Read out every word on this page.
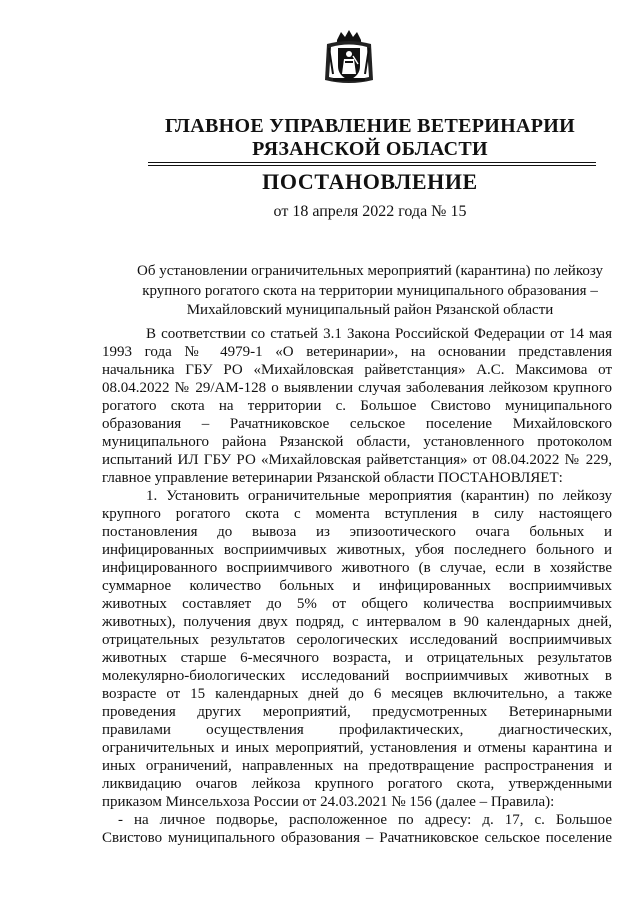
ГЛАВНОЕ УПРАВЛЕНИЕ ВЕТЕРИНАРИИ
РЯЗАНСКОЙ ОБЛАСТИ
ПОСТАНОВЛЕНИЕ
от 18 апреля 2022 года № 15
Об установлении ограничительных мероприятий (карантина) по лейкозу
крупного рогатого скота на территории муниципального образования –
Михайловский муниципальный район Рязанской области
В соответствии со статьей 3.1 Закона Российской Федерации от 14 мая
1993 года № 4979-1 «О ветеринарии», на основании представления
начальника ГБУ РО «Михайловская райветстанция» А.С. Максимова от
08.04.2022 № 29/АМ-128 о выявлении случая заболевания лейкозом крупного
рогатого скота на территории с. Большое Свистово муниципального
образования – Рачатниковское сельское поселение Михайловского
муниципального района Рязанской области, установленного протоколом
испытаний ИЛ ГБУ РО «Михайловская райветстанция» от 08.04.2022 № 229,
главное управление ветеринарии Рязанской области ПОСТАНОВЛЯЕТ:
1. Установить ограничительные мероприятия (карантин) по лейкозу
крупного рогатого скота с момента вступления в силу настоящего
постановления до вывоза из эпизоотического очага больных и
инфицированных восприимчивых животных, убоя последнего больного и
инфицированного восприимчивого животного (в случае, если в хозяйстве
суммарное количество больных и инфицированных восприимчивых
животных составляет до 5% от общего количества восприимчивых
животных), получения двух подряд, с интервалом в 90 календарных дней,
отрицательных результатов серологических исследований восприимчивых
животных старше 6-месячного возраста, и отрицательных результатов
молекулярно-биологических исследований восприимчивых животных в
возрасте от 15 календарных дней до 6 месяцев включительно, а также
проведения других мероприятий, предусмотренных Ветеринарными
правилами осуществления профилактических, диагностических,
ограничительных и иных мероприятий, установления и отмены карантина и
иных ограничений, направленных на предотвращение распространения и
ликвидацию очагов лейкоза крупного рогатого скота, утвержденными
приказом Минсельхоза России от 24.03.2021 № 156 (далее – Правила):
- на личное подворье, расположенное по адресу: д. 17, с. Большое
Свистово муниципального образования – Рачатниковское сельское поселение
